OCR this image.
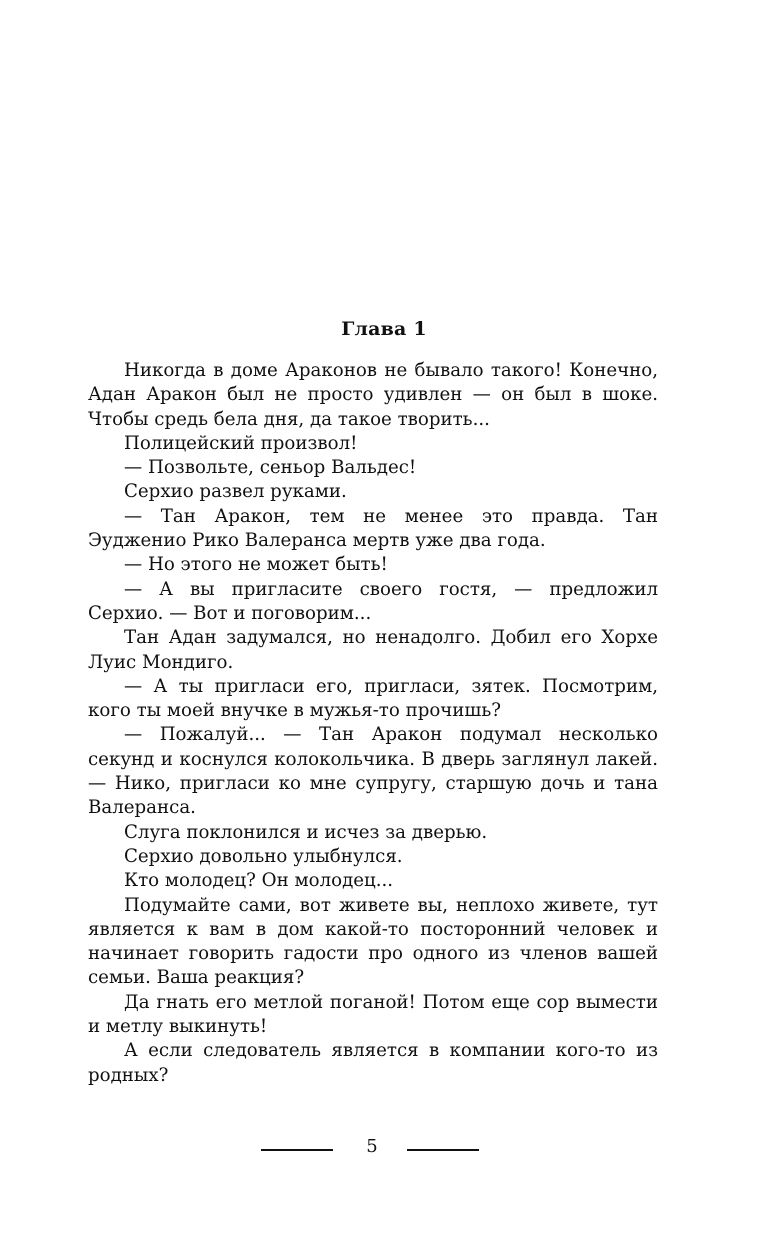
Глава 1

Никогда в доме Араконов не бывало такого! Конечно, Адан Аракон был не просто удивлен — он был в шоке. Чтобы средь бела дня, да такое творить...

Полицейский произвол!

— Позвольте, сеньор Вальдес!

Серхио развел руками.

— Тан Аракон, тем не менее это правда. Тан Эудженио Рико Валеранса мертв уже два года.

— Но этого не может быть!

— А вы пригласите своего гостя, — предложил Серхио. — Вот и поговорим...

Тан Адан задумался, но ненадолго. Добил его Хорхе Луис Мондиго.

— А ты пригласи его, пригласи, зятек. Посмотрим, кого ты моей внучке в мужья-то прочишь?

— Пожалуй... — Тан Аракон подумал несколько секунд и коснулся колокольчика. В дверь заглянул лакей. — Нико, пригласи ко мне супругу, старшую дочь и тана Валеранса.

Слуга поклонился и исчез за дверью.

Серхио довольно улыбнулся.

Кто молодец? Он молодец...

Подумайте сами, вот живете вы, неплохо живете, тут является к вам в дом какой-то посторонний человек и начинает говорить гадости про одного из членов вашей семьи. Ваша реакция?

Да гнать его метлой поганой! Потом еще сор вымести и метлу выкинуть!

А если следователь является в компании кого-то из родных?

5
